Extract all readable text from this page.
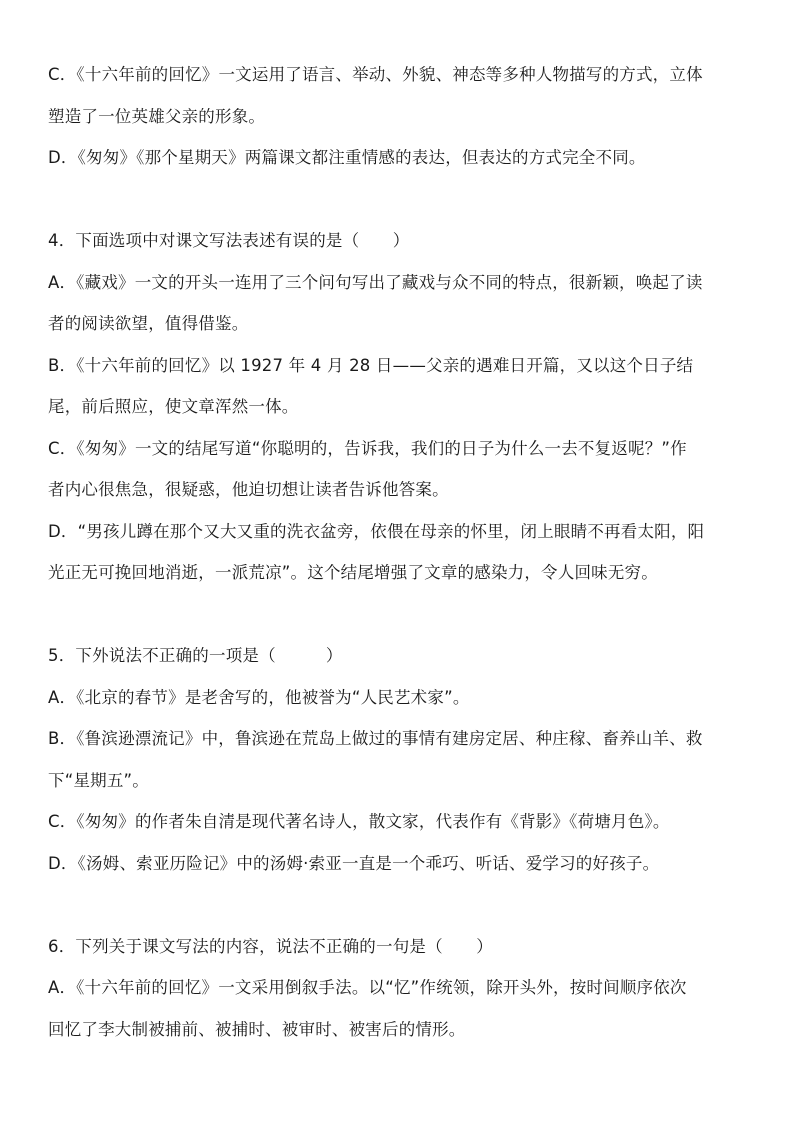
C．《十六年前的回忆》一文运用了语言、举动、外貌、神态等多种人物描写的方式，立体
塑造了一位英雄父亲的形象。
D．《匆匆》《那个星期天》两篇课文都注重情感的表达，但表达的方式完全不同。
4．下面选项中对课文写法表述有误的是（　　）
A．《藏戏》一文的开头一连用了三个问句写出了藏戏与众不同的特点，很新颖，唤起了读
者的阅读欲望，值得借鉴。
B．《十六年前的回忆》以 1927 年 4 月 28 日——父亲的遇难日开篇，又以这个日子结
尾，前后照应，使文章浑然一体。
C．《匆匆》一文的结尾写道“你聪明的，告诉我，我们的日子为什么一去不复返呢？”作
者内心很焦急，很疑惑，他迫切想让读者告诉他答案。
D．“男孩儿蹲在那个又大又重的洗衣盆旁，依偎在母亲的怀里，闭上眼睛不再看太阳，阳
光正无可挽回地消逝，一派荒凉”。这个结尾增强了文章的感染力，令人回味无穷。
5．下外说法不正确的一项是（　　　）
A．《北京的春节》是老舍写的，他被誉为“人民艺术家”。
B．《鲁滨逊漂流记》中，鲁滨逊在荒岛上做过的事情有建房定居、种庄稼、畜养山羊、救
下“星期五”。
C．《匆匆》的作者朱自清是现代著名诗人，散文家，代表作有《背影》《荷塘月色》。
D．《汤姆、索亚历险记》中的汤姆·索亚一直是一个乖巧、听话、爱学习的好孩子。
6．下列关于课文写法的内容，说法不正确的一句是（　　）
A．《十六年前的回忆》一文采用倒叙手法。以“忆”作统领，除开头外，按时间顺序依次
回忆了李大制被捕前、被捕时、被审时、被害后的情形。
